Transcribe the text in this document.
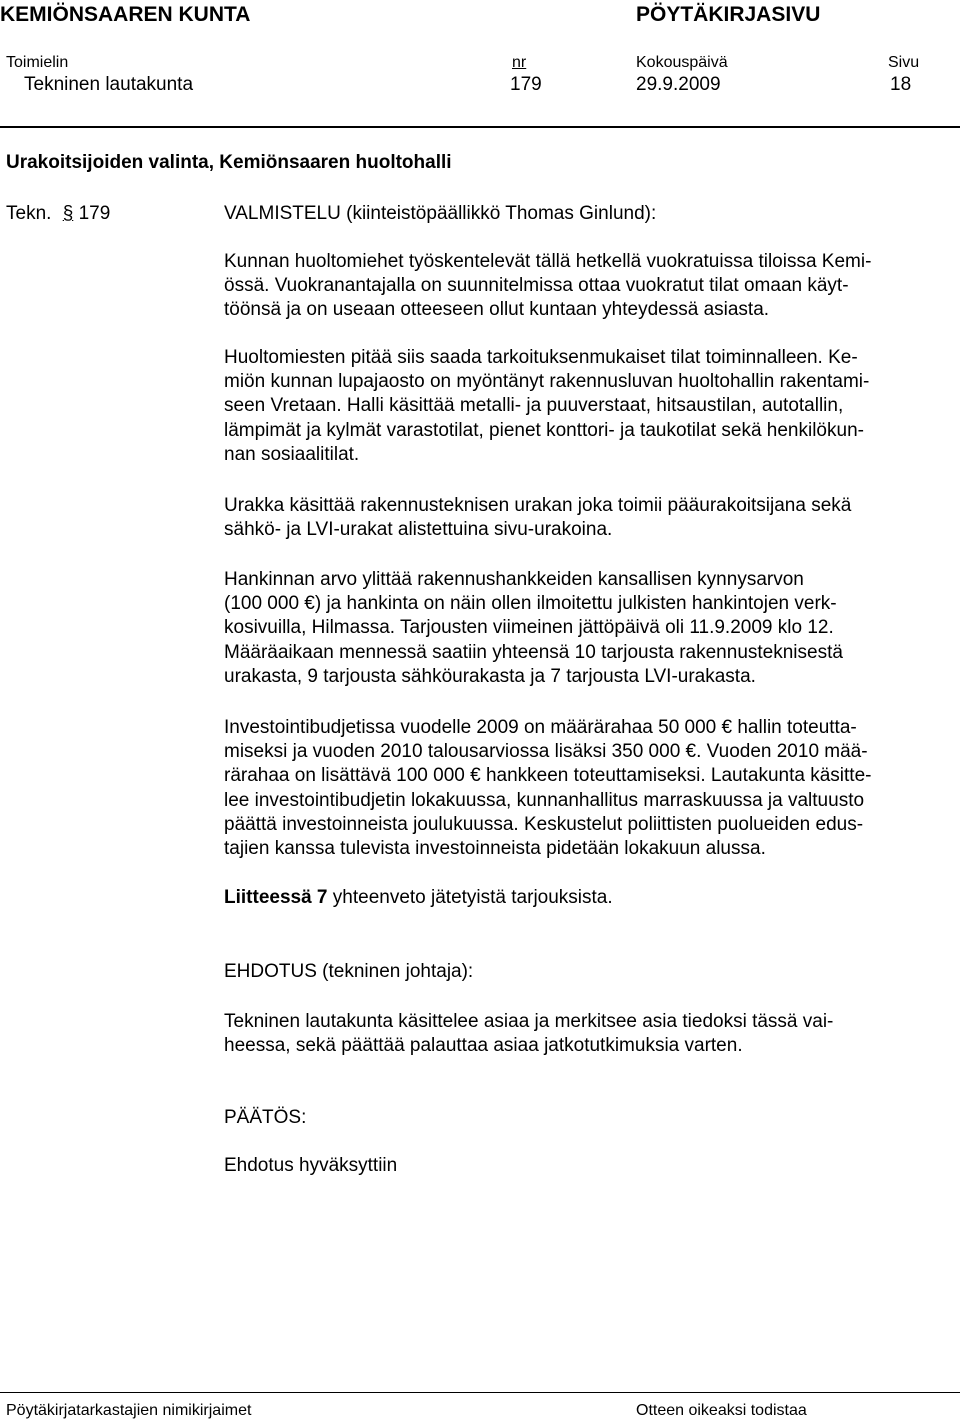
KEMIÖNSAAREN KUNTA	PÖYTÄKIRJASIVU
Toimielin	nr	Kokouspäivä	Sivu
Tekninen lautakunta	179	29.9.2009	18
Urakoitsijoiden valinta, Kemiönsaaren huoltohalli
Tekn. § 179	VALMISTELU (kiinteistöpäällikkö Thomas Ginlund):
Kunnan huoltomiehet työskentelevät tällä hetkellä vuokratuissa tiloissa Kemi-
össä. Vuokranantajalla on suunnitelmissa ottaa vuokratut tilat omaan käyt-
töönsä ja on useaan otteeseen ollut kuntaan yhteydessä asiasta.
Huoltomiesten pitää siis saada tarkoituksenmukaiset tilat toiminnalleen. Ke-
miön kunnan lupajaosto on myöntänyt rakennusluvan huoltohallin rakentami-
seen Vretaan. Halli käsittää metalli- ja puuverstaat, hitsaustilan, autotallin,
lämpimät ja kylmät varastotilat, pienet konttori- ja taukotilat sekä henkilökun-
nan sosiaalitilat.
Urakka käsittää rakennusteknisen urakan joka toimii pääurakoitsijana sekä
sähkö- ja LVI-urakat alistettuina sivu-urakoina.
Hankinnan arvo ylittää rakennushankkeiden kansallisen kynnysarvon
(100 000 €) ja hankinta on näin ollen ilmoitettu julkisten hankintojen verk-
kosivuilla, Hilmassa. Tarjousten viimeinen jättöpäivä oli 11.9.2009 klo 12.
Määräaikaan mennessä saatiin yhteensä 10 tarjousta rakennusteknisestä
urakasta, 9 tarjousta sähköurakasta ja 7 tarjousta LVI-urakasta.
Investointibudjetissa vuodelle 2009 on määrärahaa 50 000 € hallin toteutta-
miseksi ja vuoden 2010 talousarviossa lisäksi 350 000 €. Vuoden 2010 mää-
rärahaa on lisättävä 100 000 € hankkeen toteuttamiseksi. Lautakunta käsitte-
lee investointibudjetin lokakuussa, kunnanhallitus marraskuussa ja valtuusto
päättä investoinneista joulukuussa. Keskustelut poliittisten puolueiden edus-
tajien kanssa tulevista investoinneista pidetään lokakuun alussa.
Liitteessä 7 yhteenveto jätetyistä tarjouksista.
EHDOTUS (tekninen johtaja):
Tekninen lautakunta käsittelee asiaa ja merkitsee asia tiedoksi tässä vai-
heessa, sekä päättää palauttaa asiaa jatkotutkimuksia varten.
PÄÄTÖS:
Ehdotus hyväksyttiin
Pöytäkirjatarkastajien nimikirjaimet	Otteen oikeaksi todistaa
